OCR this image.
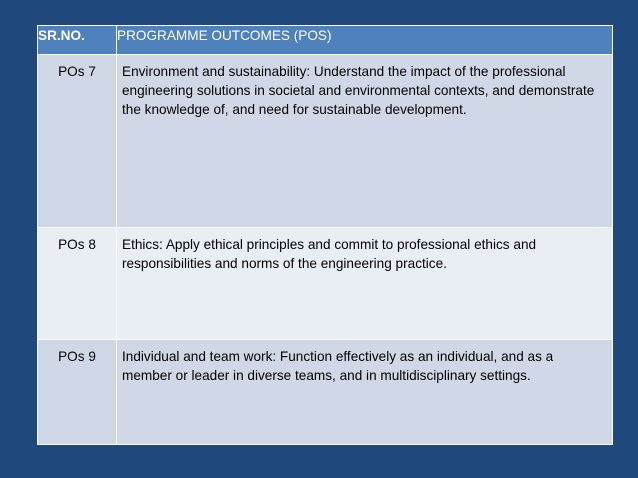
SR.NO.	PROGRAMME OUTCOMES (POS)
POs 7	Environment and sustainability: Understand the impact of the professional engineering solutions in societal and environmental contexts, and demonstrate the knowledge of, and need for sustainable development.
POs 8	Ethics: Apply ethical principles and commit to professional ethics and responsibilities and norms of the engineering practice.
POs 9	Individual and team work: Function effectively as an individual, and as a member or leader in diverse teams, and in multidisciplinary settings.
